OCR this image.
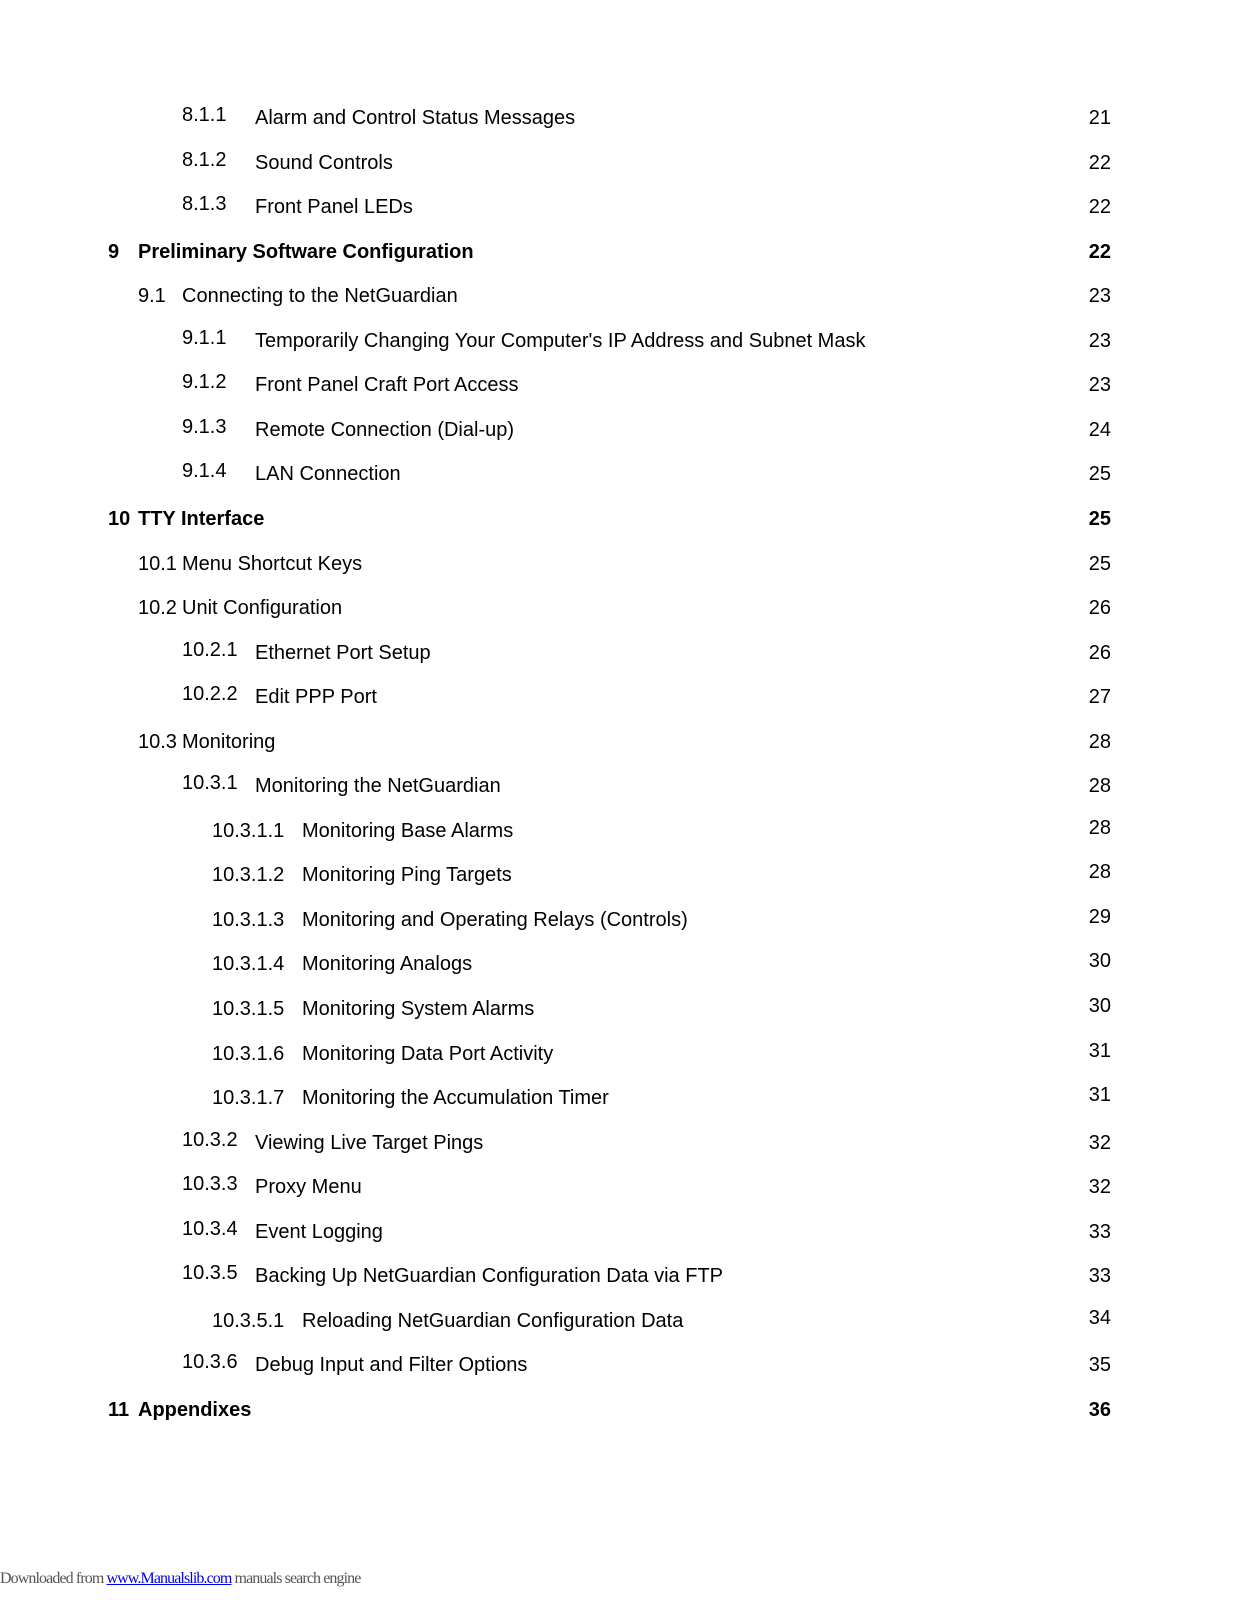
8.1.1 Alarm and Control Status Messages	21
8.1.2 Sound Controls	22
8.1.3 Front Panel LEDs	22
9 Preliminary Software Configuration	22
9.1 Connecting to the NetGuardian	23
9.1.1 Temporarily Changing Your Computer's IP Address and Subnet Mask	23
9.1.2 Front Panel Craft Port Access	23
9.1.3 Remote Connection (Dial-up)	24
9.1.4 LAN Connection	25
10 TTY Interface	25
10.1 Menu Shortcut Keys	25
10.2 Unit Configuration	26
10.2.1 Ethernet Port Setup	26
10.2.2 Edit PPP Port	27
10.3 Monitoring	28
10.3.1 Monitoring the NetGuardian	28
10.3.1.1 Monitoring Base Alarms	28
10.3.1.2 Monitoring Ping Targets	28
10.3.1.3 Monitoring and Operating Relays (Controls)	29
10.3.1.4 Monitoring Analogs	30
10.3.1.5 Monitoring System Alarms	30
10.3.1.6 Monitoring Data Port Activity	31
10.3.1.7 Monitoring the Accumulation Timer	31
10.3.2 Viewing Live Target Pings	32
10.3.3 Proxy Menu	32
10.3.4 Event Logging	33
10.3.5 Backing Up NetGuardian Configuration Data via FTP	33
10.3.5.1 Reloading NetGuardian Configuration Data	34
10.3.6 Debug Input and Filter Options	35
11 Appendixes	36
Downloaded from www.Manualslib.com manuals search engine
